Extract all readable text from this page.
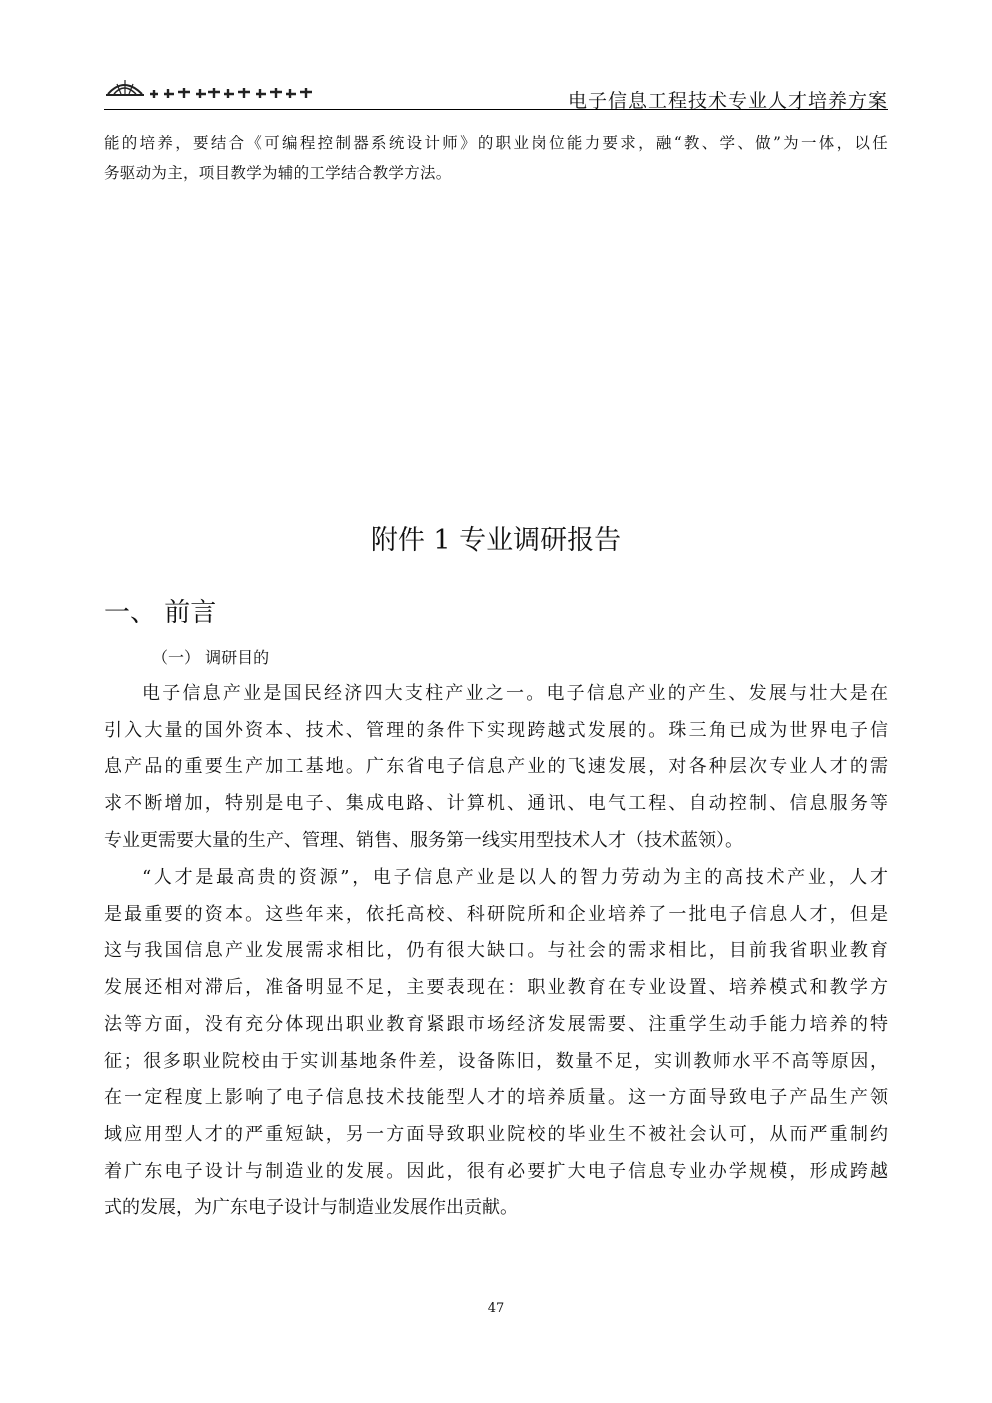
电子信息工程技术专业人才培养方案
能的培养，要结合《可编程控制器系统设计师》的职业岗位能力要求，融“教、学、做”为一体，以任
务驱动为主，项目教学为辅的工学结合教学方法。
附件 1 专业调研报告
一、 前言
（一） 调研目的
电子信息产业是国民经济四大支柱产业之一。电子信息产业的产生、发展与壮大是在
引入大量的国外资本、技术、管理的条件下实现跨越式发展的。珠三角已成为世界电子信
息产品的重要生产加工基地。广东省电子信息产业的飞速发展，对各种层次专业人才的需
求不断增加，特别是电子、集成电路、计算机、通讯、电气工程、自动控制、信息服务等
专业更需要大量的生产、管理、销售、服务第一线实用型技术人才（技术蓝领）。
“人才是最高贵的资源”，电子信息产业是以人的智力劳动为主的高技术产业，人才
是最重要的资本。这些年来，依托高校、科研院所和企业培养了一批电子信息人才，但是
这与我国信息产业发展需求相比，仍有很大缺口。与社会的需求相比，目前我省职业教育
发展还相对滞后，准备明显不足，主要表现在：职业教育在专业设置、培养模式和教学方
法等方面，没有充分体现出职业教育紧跟市场经济发展需要、注重学生动手能力培养的特
征；很多职业院校由于实训基地条件差，设备陈旧，数量不足，实训教师水平不高等原因，
在一定程度上影响了电子信息技术技能型人才的培养质量。这一方面导致电子产品生产领
域应用型人才的严重短缺，另一方面导致职业院校的毕业生不被社会认可，从而严重制约
着广东电子设计与制造业的发展。因此，很有必要扩大电子信息专业办学规模，形成跨越
式的发展，为广东电子设计与制造业发展作出贡献。
47
